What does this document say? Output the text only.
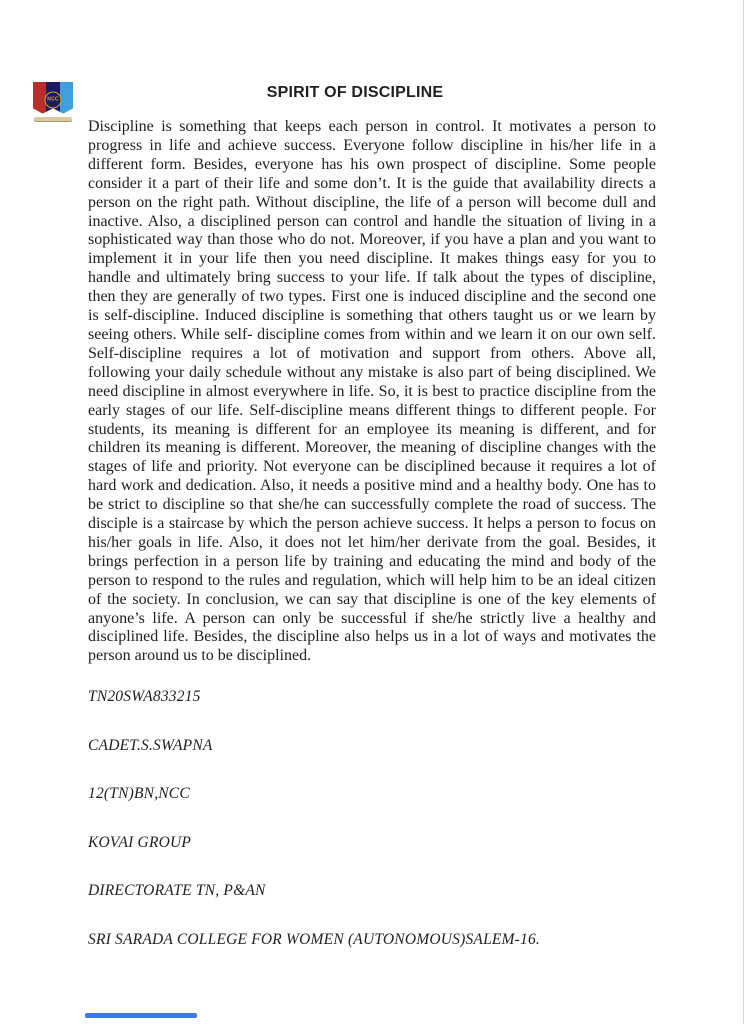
NCC	SPIRIT OF DISCIPLINE

Discipline is something that keeps each person in control. It motivates a person to progress in life and achieve success. Everyone follow discipline in his/her life in a different form. Besides, everyone has his own prospect of discipline. Some people consider it a part of their life and some don’t. It is the guide that availability directs a person on the right path. Without discipline, the life of a person will become dull and inactive. Also, a disciplined person can control and handle the situation of living in a sophisticated way than those who do not. Moreover, if you have a plan and you want to implement it in your life then you need discipline. It makes things easy for you to handle and ultimately bring success to your life. If talk about the types of discipline, then they are generally of two types. First one is induced discipline and the second one is self-discipline. Induced discipline is something that others taught us or we learn by seeing others. While self- discipline comes from within and we learn it on our own self. Self-discipline requires a lot of motivation and support from others. Above all, following your daily schedule without any mistake is also part of being disciplined. We need discipline in almost everywhere in life. So, it is best to practice discipline from the early stages of our life. Self-discipline means different things to different people. For students, its meaning is different for an employee its meaning is different, and for children its meaning is different. Moreover, the meaning of discipline changes with the stages of life and priority. Not everyone can be disciplined because it requires a lot of hard work and dedication. Also, it needs a positive mind and a healthy body. One has to be strict to discipline so that she/he can successfully complete the road of success. The disciple is a staircase by which the person achieve success. It helps a person to focus on his/her goals in life. Also, it does not let him/her derivate from the goal. Besides, it brings perfection in a person life by training and educating the mind and body of the person to respond to the rules and regulation, which will help him to be an ideal citizen of the society. In conclusion, we can say that discipline is one of the key elements of anyone’s life. A person can only be successful if she/he strictly live a healthy and disciplined life. Besides, the discipline also helps us in a lot of ways and motivates the person around us to be disciplined.

TN20SWA833215

CADET.S.SWAPNA

12(TN)BN,NCC

KOVAI GROUP

DIRECTORATE TN, P&AN

SRI SARADA COLLEGE FOR WOMEN (AUTONOMOUS)SALEM-16.
